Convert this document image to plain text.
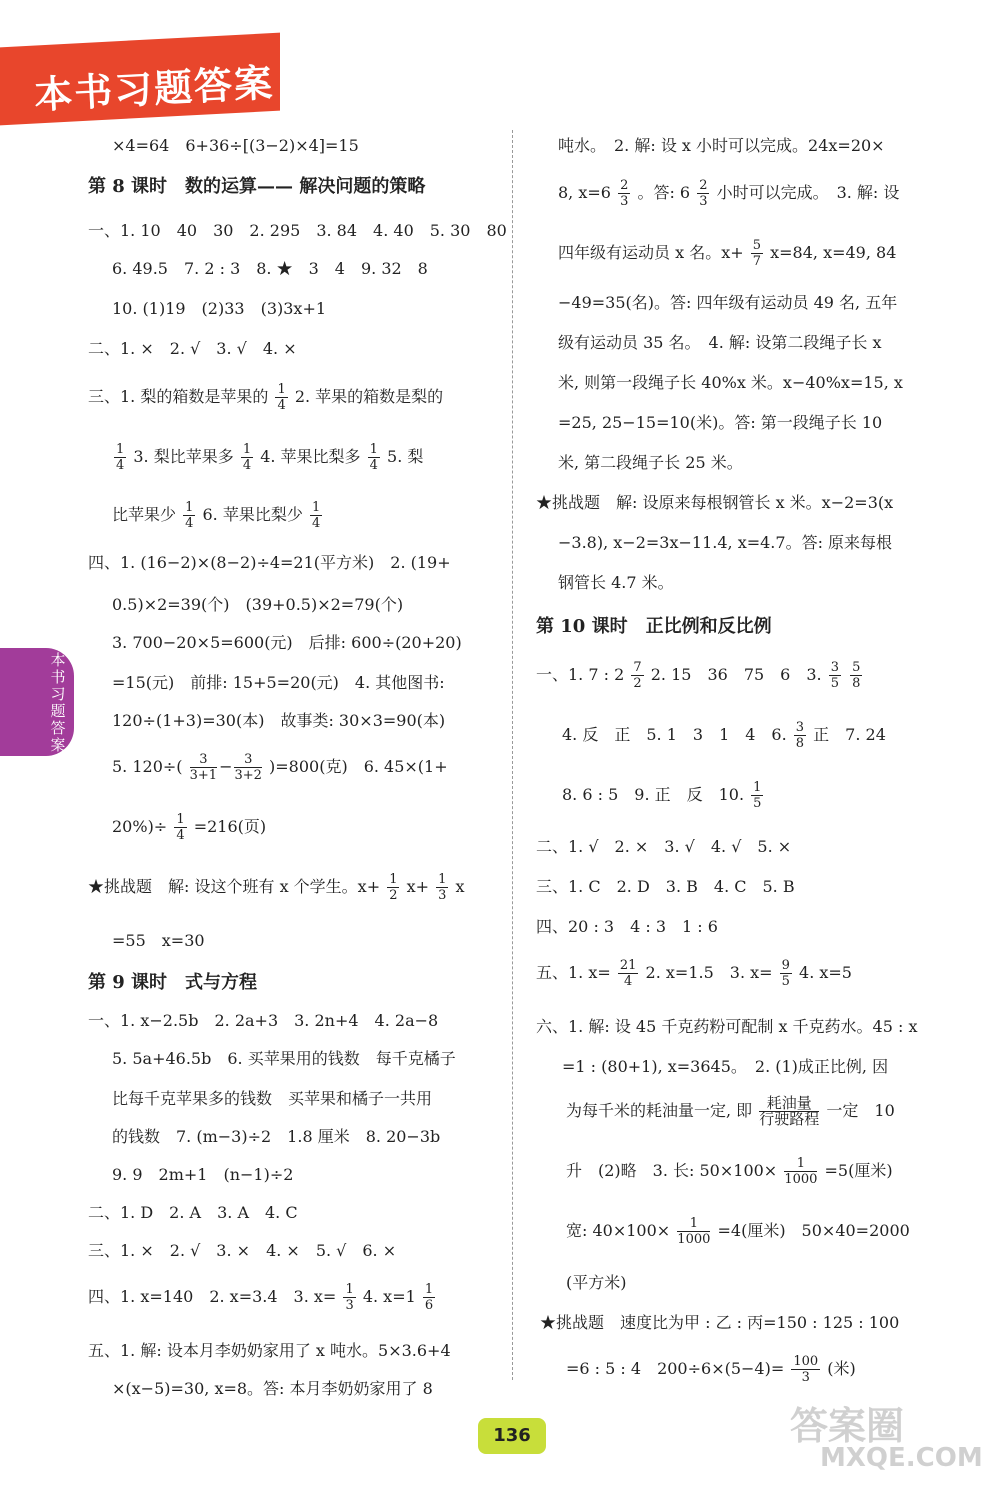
本书习题答案
本书习题答案
×4=64　6+36÷[(3−2)×4]=15
第 8 课时　数的运算—— 解决问题的策略
一、1. 10　40　30　2. 295　3. 84　4. 40　5. 30　80
6. 49.5　7. 2 : 3　8. ★　3　4　9. 32　8
10. (1)19　(2)33　(3)3x+1
二、1. ×　2. √　3. √　4. ×
三、1. 梨的箱数是苹果的 $\frac{1}{4} 2$. 苹果的箱数是梨的
$\frac{1}{4} 3$. 梨比苹果多 $\frac{1}{4} 4$. 苹果比梨多 $\frac{1}{4} 5$. 梨
比苹果少 $\frac{1}{4} 6$. 苹果比梨少 $\frac{1}{4}$
四、1. (16−2)×(8−2)÷4=21(平方米)　2. (19+
0.5)×2=39(个)　(39+0.5)×2=79(个)
3. 700−20×5=600(元)　后排: 600÷(20+20)
=15(元)　前排: 15+5=20(元)　4. 其他图书:
120÷(1+3)=30(本)　故事类: 30×3=90(本)
5. $120\div( \frac{3}{3+1} - \frac{3}{3+2} )=800$(克)　6. 45×(1+
$20\%)\div \frac{1}{4} =216$(页)
★挑战题　解: 设这个班有 x 个学生。$x+ \frac{1}{2} x+ \frac{1}{3}$ x
=55　x=30
第 9 课时　式与方程
一、1. x−2.5b　2. 2a+3　3. 2n+4　4. 2a−8
5. 5a+46.5b　6. 买苹果用的钱数　每千克橘子
比每千克苹果多的钱数　买苹果和橘子一共用
的钱数　7. (m−3)÷2　1.8 厘米　8. 20−3b
9. 9　2m+1　(n−1)÷2
二、1. D　2. A　3. A　4. C
三、1. ×　2. √　3. ×　4. ×　5. √　6. ×
四、1. x=140　2. x=3.4　3. $x= \frac{1}{3} 4$. $x=1 \frac{1}{6}$
五、1. 解: 设本月李奶奶家用了 x 吨水。5×3.6+4
×(x−5)=30, x=8。答: 本月李奶奶家用了 8
吨水。　2. 解: 设 x 小时可以完成。24x=20×
8, $x=6 \frac{2}{3}$ 。答: $6 \frac{2}{3}$ 小时可以完成。　3. 解: 设
四年级有运动员 x 名。$x+ \frac{5}{7} x=84$, x=49, 84
−49=35(名)。答: 四年级有运动员 49 名, 五年
级有运动员 35 名。　4. 解: 设第二段绳子长 x
米, 则第一段绳子长 40%x 米。x−40%x=15, x
=25, 25−15=10(米)。答: 第一段绳子长 10
米, 第二段绳子长 25 米。
★挑战题　解: 设原来每根钢管长 x 米。x−2=3(x
−3.8), x−2=3x−11.4, x=4.7。答: 原来每根
钢管长 4.7 米。
第 10 课时　正比例和反比例
一、1. 7 : $2 \frac{7}{2} 2$. 15　36　75　6　3. $\frac{3}{5}$
$\frac{5}{8}$
4. 反　正　5. 1　3　1　4　6. $\frac{3}{8}$ 正　7. 24
8. 6 : 5　9. 正　反　10. $\frac{1}{5}$
二、1. √　2. ×　3. √　4. √　5. ×
三、1. C　2. D　3. B　4. C　5. B
四、20 : 3　4 : 3　1 : 6
五、1. $x= \frac{21}{4} 2$. x=1.5　3. $x= \frac{9}{5} 4$. x=5
六、1. 解: 设 45 千克药粉可配制 x 千克药水。45 : x
=1 : (80+1), x=3645。　2. (1)成正比例, 因
为每千米的耗油量一定, 即 $\frac{\text{耗油量}}{\text{行驶路程}}$ 一定　10
升　(2)略　3. 长: $50\times 100\times \frac{1}{1000} =5$(厘米)
宽: $40\times 100\times \frac{1}{1000} =4$(厘米)　50×40=2000
(平方米)
★挑战题　速度比为甲 : 乙 : 丙=150 : 125 : 100
=6 : 5 : 4　$200\div 6\times(5-4)= \frac{100}{3}$ (米)
136	答案圈
MXQE.COM
